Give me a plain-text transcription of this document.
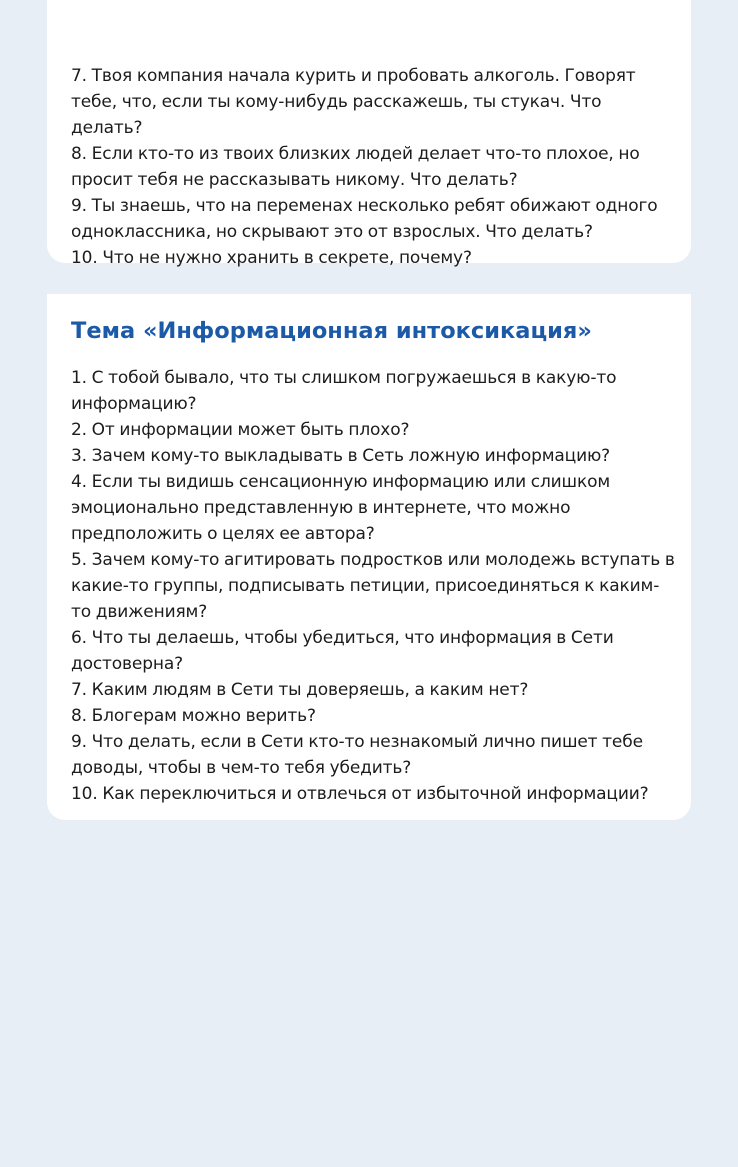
7. Твоя компания начала курить и пробовать алкоголь. Говорят тебе, что, если ты кому-нибудь расскажешь, ты стукач. Что делать?
8. Если кто-то из твоих близких людей делает что-то плохое, но просит тебя не рассказывать никому. Что делать?
9. Ты знаешь, что на переменах несколько ребят обижают одного одноклассника, но скрывают это от взрослых. Что делать?
10. Что не нужно хранить в секрете, почему?
Тема «Информационная интоксикация»
1. С тобой бывало, что ты слишком погружаешься в какую-то информацию?
2. От информации может быть плохо?
3. Зачем кому-то выкладывать в Сеть ложную информацию?
4. Если ты видишь сенсационную информацию или слишком эмоционально представленную в интернете, что можно предположить о целях ее автора?
5. Зачем кому-то агитировать подростков или молодежь вступать в какие-то группы, подписывать петиции, присоединяться к каким-то движениям?
6. Что ты делаешь, чтобы убедиться, что информация в Сети достоверна?
7. Каким людям в Сети ты доверяешь, а каким нет?
8. Блогерам можно верить?
9. Что делать, если в Сети кто-то незнакомый лично пишет тебе доводы, чтобы в чем-то тебя убедить?
10. Как переключиться и отвлечься от избыточной информации?
